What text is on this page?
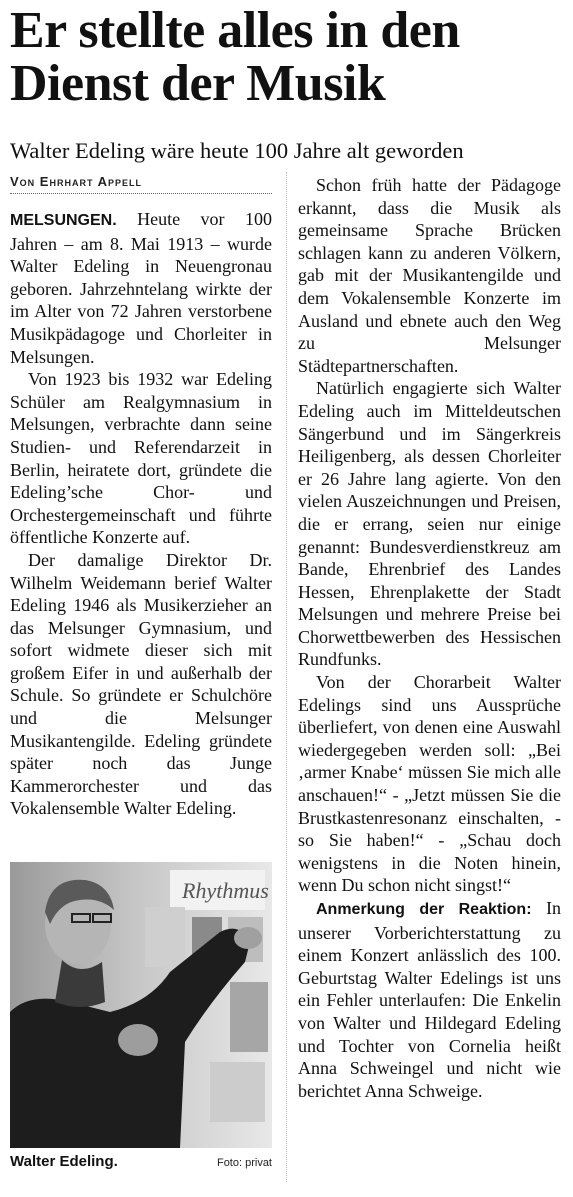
Er stellte alles in den
Dienst der Musik
Walter Edeling wäre heute 100 Jahre alt geworden
Von Ehrhart Appell

MELSUNGEN. Heute vor 100 Jahren – am 8. Mai 1913 – wurde Walter Edeling in Neuengronau geboren. Jahrzehntelang wirkte der im Alter von 72 Jahren verstorbene Musikpädagoge und Chorleiter in Melsungen.

Von 1923 bis 1932 war Edeling Schüler am Realgymnasium in Melsungen, verbrachte dann seine Studien- und Referendarzeit in Berlin, heiratete dort, gründete die Edeling’sche Chor- und Orchestergemeinschaft und führte öffentliche Konzerte auf.

Der damalige Direktor Dr. Wilhelm Weidemann berief Walter Edeling 1946 als Musikerzieher an das Melsunger Gymnasium, und sofort widmete dieser sich mit großem Eifer in und außerhalb der Schule. So gründete er Schulchöre und die Melsunger Musikantengilde. Edeling gründete später noch das Junge Kammerorchester und das Vokalensemble Walter Edeling.

Schon früh hatte der Pädagoge erkannt, dass die Musik als gemeinsame Sprache Brücken schlagen kann zu anderen Völkern, gab mit der Musikantengilde und dem Vokalensemble Konzerte im Ausland und ebnete auch den Weg zu Melsunger Städtepartnerschaften.

Natürlich engagierte sich Walter Edeling auch im Mitteldeutschen Sängerbund und im Sängerkreis Heiligenberg, als dessen Chorleiter er 26 Jahre lang agierte. Von den vielen Auszeichnungen und Preisen, die er errang, seien nur einige genannt: Bundesverdienstkreuz am Bande, Ehrenbrief des Landes Hessen, Ehrenplakette der Stadt Melsungen und mehrere Preise bei Chorwettbewerben des Hessischen Rundfunks.

Von der Chorarbeit Walter Edelings sind uns Aussprüche überliefert, von denen eine Auswahl wiedergegeben werden soll: „Bei ‚armer Knabe‘ müssen Sie mich alle anschauen!“ - „Jetzt müssen Sie die Brustkastenresonanz einschalten, - so Sie haben!“ - „Schau doch wenigstens in die Noten hinein, wenn Du schon nicht singst!“

Anmerkung der Reaktion: In unserer Vorberichterstattung zu einem Konzert anlässlich des 100. Geburtstag Walter Edelings ist uns ein Fehler unterlaufen: Die Enkelin von Walter und Hildegard Edeling und Tochter von Cornelia heißt Anna Schweingel und nicht wie berichtet Anna Schweige.

Rhythmus
Walter Edeling.	Foto: privat
